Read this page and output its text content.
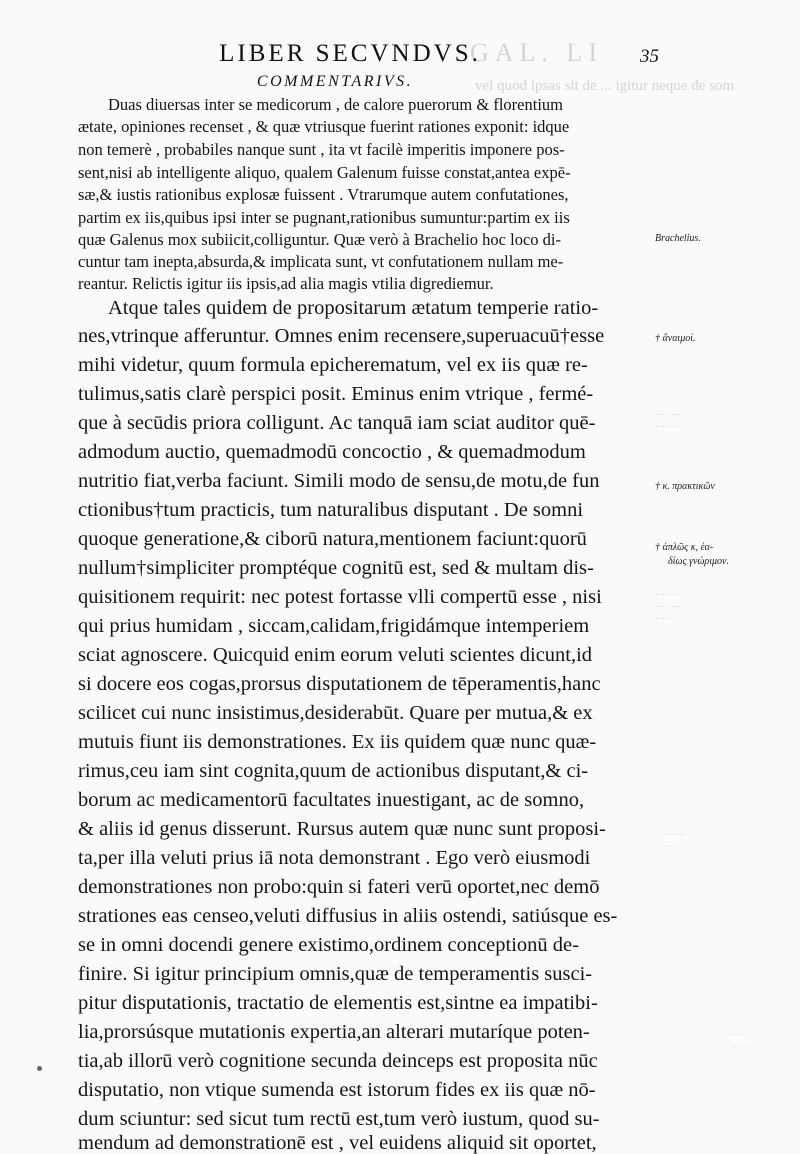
GAL. LI
vel quod ipsas sit de ... igitur neque de som
········
·······
·······
········
······
·······
·····
·····
······
LIBER SECVNDVS.	35
COMMENTARIVS.
Duas diuersas inter se medicorum , de calore puerorum & florentium
ætate, opiniones recenset , & quæ vtriusque fuerint rationes exponit: idque
non temerè , probabiles nanque sunt , ita vt facilè imperitis imponere pos-
sent,nisi ab intelligente aliquo, qualem Galenum fuisse constat,antea expē-
sæ,& iustis rationibus explosæ fuissent . Vtrarumque autem confutationes,
partim ex iis,quibus ipsi inter se pugnant,rationibus sumuntur:partim ex iis
quæ Galenus mox subiicit,colliguntur. Quæ verò à Brachelio hoc loco di-
cuntur tam inepta,absurda,& implicata sunt, vt confutationem nullam me-
reantur. Relictis igitur iis ipsis,ad alia magis vtilia digrediemur.
Atque tales quidem de propositarum ætatum temperie ratio-
nes,vtrinque afferuntur. Omnes enim recensere,superuacuū†esse
mihi videtur, quum formula epicherematum, vel ex iis quæ re-
tulimus,satis clarè perspici posit. Eminus enim vtrique , fermé-
que à secūdis priora colligunt. Ac tanquā iam sciat auditor quē-
admodum auctio, quemadmodū concoctio , & quemadmodum
nutritio fiat,verba faciunt. Simili modo de sensu,de motu,de fun
ctionibus†tum practicis, tum naturalibus disputant . De somni
quoque generatione,& ciborū natura,mentionem faciunt:quorū
nullum†simpliciter promptéque cognitū est, sed & multam dis-
quisitionem requirit: nec potest fortasse vlli compertū esse , nisi
qui prius humidam , siccam,calidam,frigidámque intemperiem
sciat agnoscere. Quicquid enim eorum veluti scientes dicunt,id
si docere eos cogas,prorsus disputationem de tēperamentis,hanc
scilicet cui nunc insistimus,desiderabūt. Quare per mutua,& ex
mutuis fiunt iis demonstrationes. Ex iis quidem quæ nunc quæ-
rimus,ceu iam sint cognita,quum de actionibus disputant,& ci-
borum ac medicamentorū facultates inuestigant, ac de somno,
& aliis id genus disserunt. Rursus autem quæ nunc sunt proposi-
ta,per illa veluti prius iā nota demonstrant . Ego verò eiusmodi
demonstrationes non probo:quin si fateri verū oportet,nec demō
strationes eas censeo,veluti diffusius in aliis ostendi, satiúsque es-
se in omni docendi genere existimo,ordinem conceptionū de-
finire. Si igitur principium omnis,quæ de temperamentis susci-
pitur disputationis, tractatio de elementis est,sintne ea impatibi-
lia,prorsúsque mutationis expertia,an alterari mutaríque poten-
tia,ab illorū verò cognitione secunda deinceps est proposita nūc
disputatio, non vtique sumenda est istorum fides ex iis quæ nō-
dum sciuntur: sed sicut tum rectū est,tum verò iustum, quod su-
mendum ad demonstrationē est , vel euidens aliquid sit oportet,
Brachelius.
† ἄναιμοί.
† κ. πρακτικῶν
† ἁπλῶς κ, ἑα-
δίως γνώριμον.
